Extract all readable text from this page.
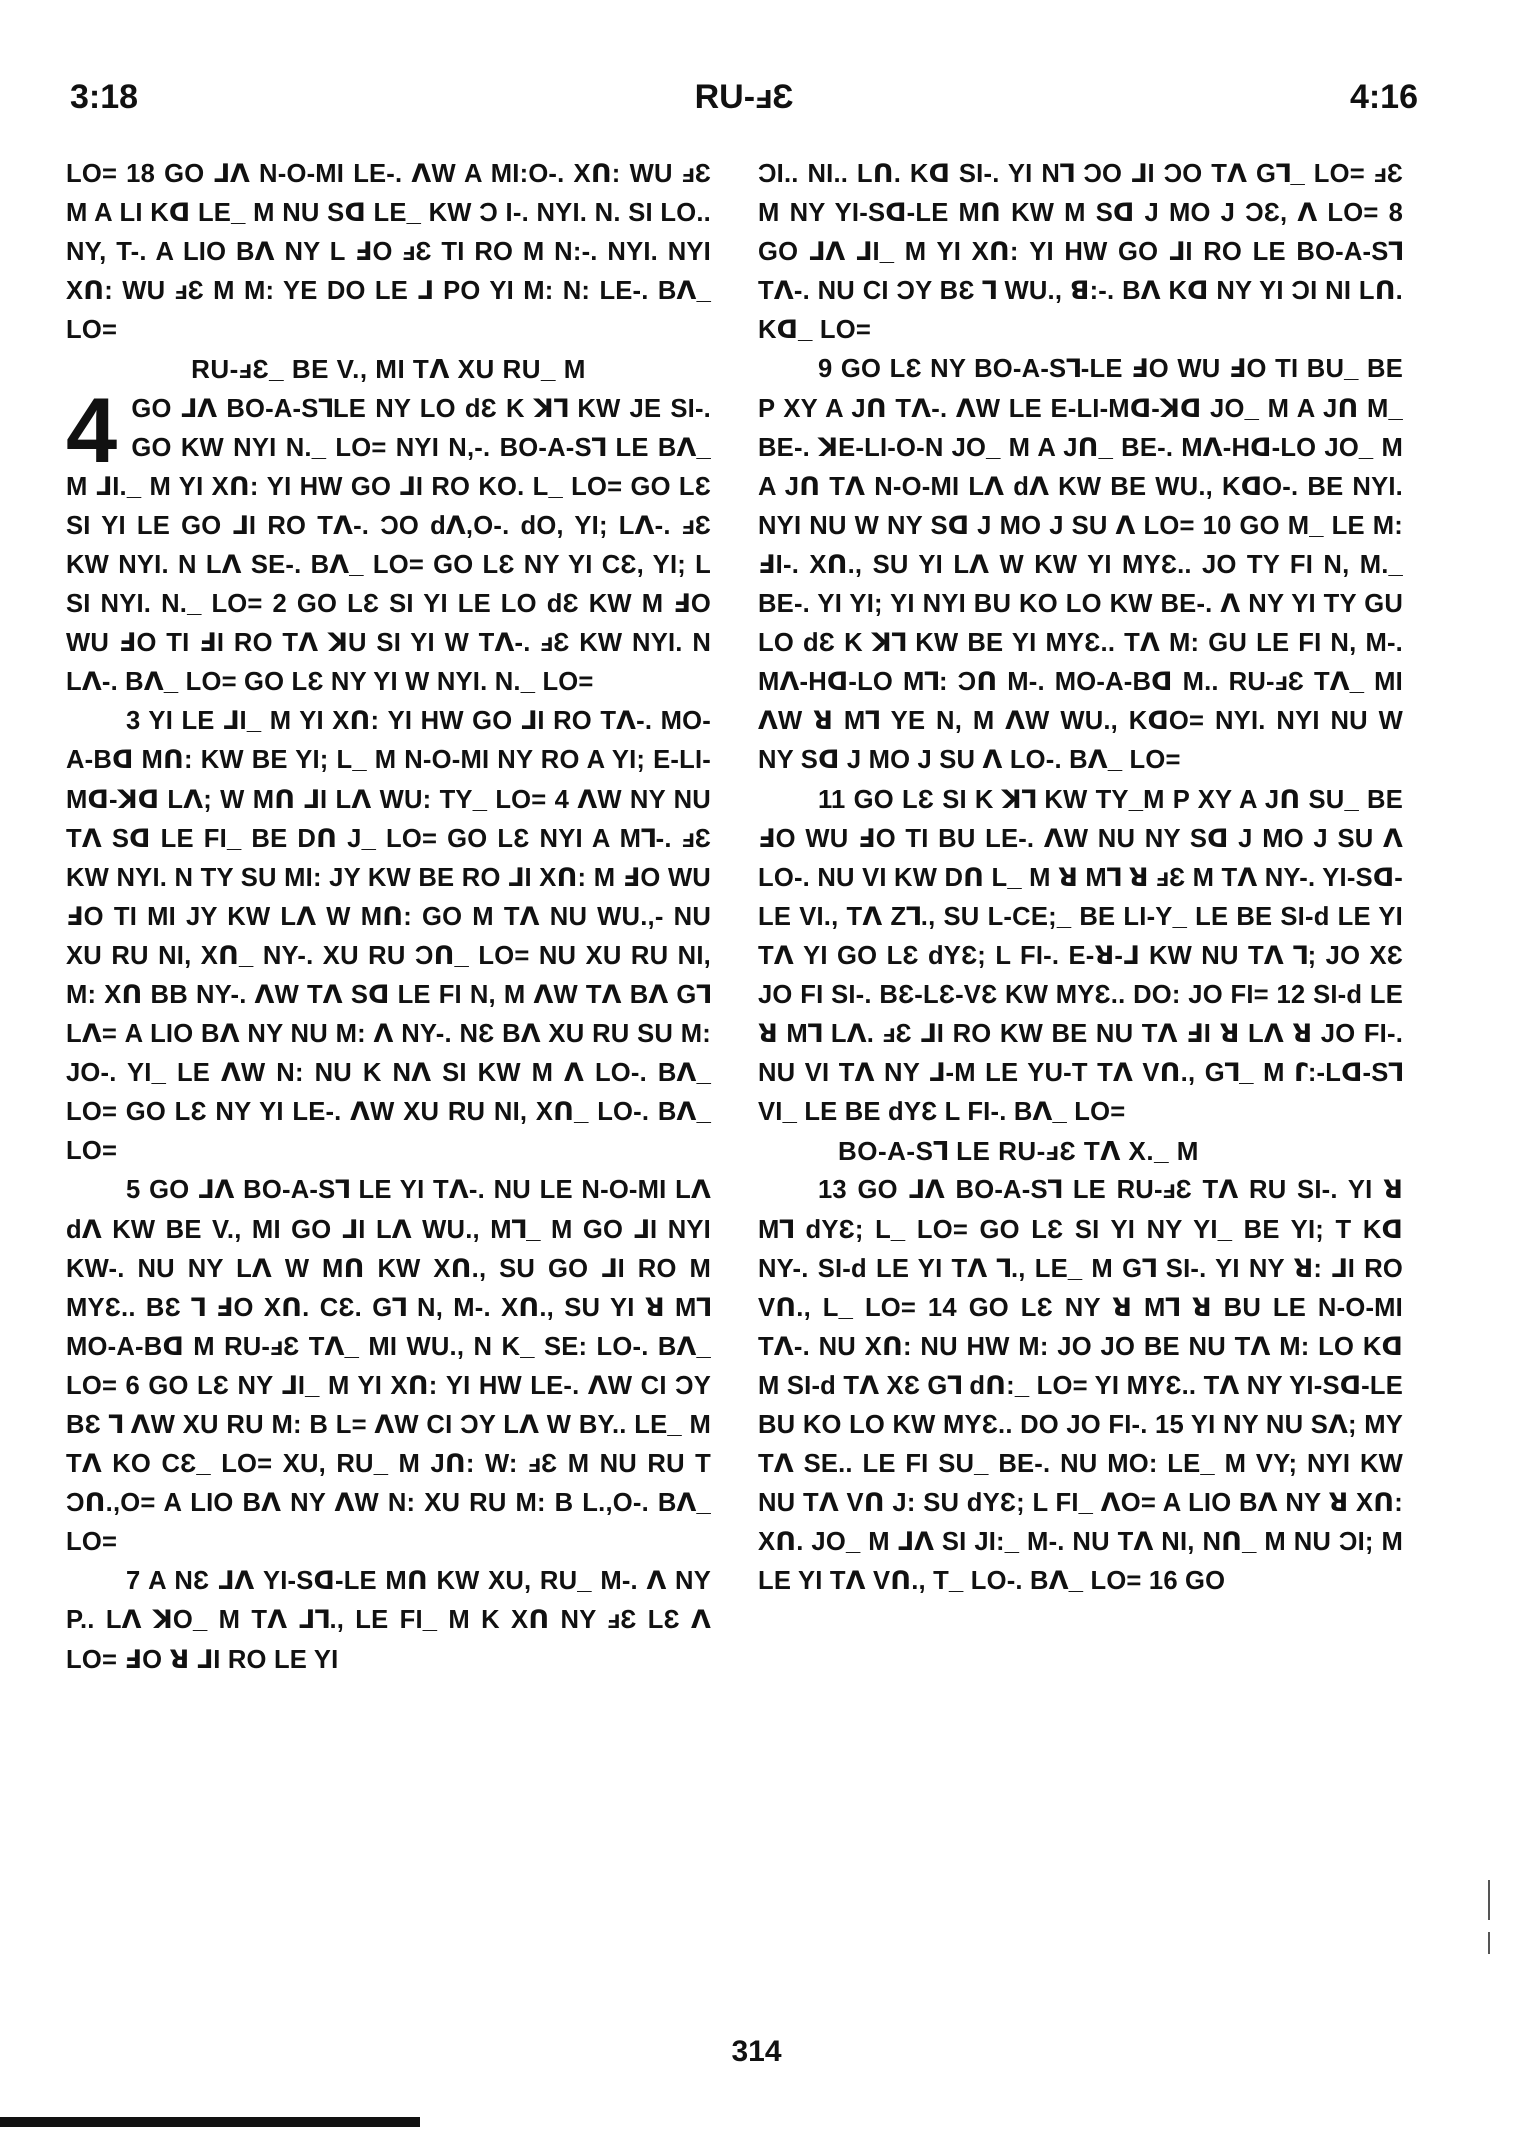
3:18	RU-ⅎƐ	4:16

LO= 18 GO ⅃ꓥ N-O-MI LE-. ꓥW A MI:O-. Xꓵ: WU ⅎƐ M A LI Kꓷ LE_ M NU Sꓷ LE_ KW Ɔ I-. NYI. N. SI LO.. NY, T-. A LIO Bꓥ NY L ℲO ⅎƐ TI RO M N:-. NYI. NYI Xꓵ: WU ⅎƐ M M: YE DO LE ⅃ PO YI M: N: LE-. Bꓥ_ LO=

RU-ⅎƐ_ BE V., MI Tꓥ XU RU_ M

4 GO ⅃ꓥ BO-A-SꓶLE NY LO ԁƐ K ꓘꓶ KW JE SI-. GO KW NYI N._ LO= NYI N,-. BO-A-Sꓶ LE Bꓥ_ M ⅃I._ M YI Xꓵ: YI HW GO ⅃I RO KO. L_ LO= GO LƐ SI YI LE GO ⅃I RO Tꓥ-. ƆO ԁꓥ,O-. ԁO, YI; Lꓥ-. ⅎƐ KW NYI. N Lꓥ SE-. Bꓥ_ LO= GO LƐ NY YI CƐ, YI; L SI NYI. N._ LO= 2 GO LƐ SI YI LE LO ԁƐ KW M ℲO WU ℲO TI ℲI RO Tꓥ ꓘU SI YI W Tꓥ-. ⅎƐ KW NYI. N Lꓥ-. Bꓥ_ LO= GO LƐ NY YI W NYI. N._ LO=

3 YI LE ⅃I_ M YI Xꓵ: YI HW GO ⅃I RO Tꓥ-. MO-A-Bꓷ Mꓵ: KW BE YI; L_ M N-O-MI NY RO A YI; E-LI-Mꓷ-ꓘꓷ Lꓥ; W Mꓵ ⅃I Lꓥ WU: TY_ LO= 4 ꓥW NY NU Tꓥ Sꓷ LE FI_ BE Dꓵ J_ LO= GO LƐ NYI A Mꓶ-. ⅎƐ KW NYI. N TY SU MI: JY KW BE RO ⅃I Xꓵ: M ℲO WU ℲO TI MI JY KW Lꓥ W Mꓵ: GO M Tꓥ NU WU.,- NU XU RU NI, Xꓵ_ NY-. XU RU Ɔꓵ_ LO= NU XU RU NI, M: Xꓵ BB NY-. ꓥW Tꓥ Sꓷ LE FI N, M ꓥW Tꓥ Bꓥ Gꓶ Lꓥ= A LIO Bꓥ NY NU M: ꓥ NY-. NƐ Bꓥ XU RU SU M: JO-. YI_ LE ꓥW N: NU K Nꓥ SI KW M ꓥ LO-. Bꓥ_ LO= GO LƐ NY YI LE-. ꓥW XU RU NI, Xꓵ_ LO-. Bꓥ_ LO=

5 GO ⅃ꓥ BO-A-Sꓶ LE YI Tꓥ-. NU LE N-O-MI Lꓥ ԁꓥ KW BE V., MI GO ⅃I Lꓥ WU., Mꓶ_ M GO ⅃I NYI KW-. NU NY Lꓥ W Mꓵ KW Xꓵ., SU GO ⅃I RO M MYƐ.. BƐ ꓶ ℲO Xꓵ. CƐ. Gꓶ N, M-. Xꓵ., SU YI ꓤ Mꓶ MO-A-Bꓷ M RU-ⅎƐ Tꓥ_ MI WU., N K_ SE: LO-. Bꓥ_ LO= 6 GO LƐ NY ⅃I_ M YI Xꓵ: YI HW LE-. ꓥW CI ƆY BƐ ꓶ ꓥW XU RU M: B L= ꓥW CI ƆY Lꓥ W BY.. LE_ M Tꓥ KO CƐ_ LO= XU, RU_ M Jꓵ: W: ⅎƐ M NU RU T Ɔꓵ.,O= A LIO Bꓥ NY ꓥW N: XU RU M: B L.,O-. Bꓥ_ LO=

7 A NƐ ⅃ꓥ YI-Sꓷ-LE Mꓵ KW XU, RU_ M-. ꓥ NY P.. Lꓥ ꓘO_ M Tꓥ ⅃ꓶ., LE FI_ M K Xꓵ NY ⅎƐ LƐ ꓥ LO= ℲO ꓤ ⅃I RO LE YI

ƆI.. NI.. Lꓵ. Kꓷ SI-. YI Nꓶ ƆO ⅃I ƆO Tꓥ Gꓶ_ LO= ⅎƐ M NY YI-Sꓷ-LE Mꓵ KW M Sꓷ J MO J ƆƐ, ꓥ LO= 8 GO ⅃ꓥ ⅃I_ M YI Xꓵ: YI HW GO ⅃I RO LE BO-A-Sꓶ Tꓥ-. NU CI ƆY BƐ ꓶ WU., ꓭ:-. Bꓥ Kꓷ NY YI ƆI NI Lꓵ. Kꓷ_ LO=

9 GO LƐ NY BO-A-Sꓶ-LE ℲO WU ℲO TI BU_ BE P XY A Jꓵ Tꓥ-. ꓥW LE E-LI-Mꓷ-ꓘꓷ JO_ M A Jꓵ M_ BE-. ꓘE-LI-O-N JO_ M A Jꓵ_ BE-. Mꓥ-Hꓷ-LO JO_ M A Jꓵ Tꓥ N-O-MI Lꓥ ԁꓥ KW BE WU., KꓷO-. BE NYI. NYI NU W NY Sꓷ J MO J SU ꓥ LO= 10 GO M_ LE M: ℲI-. Xꓵ., SU YI Lꓥ W KW YI MYƐ.. JO TY FI N, M._ BE-. YI YI; YI NYI BU KO LO KW BE-. ꓥ NY YI TY GU LO ԁƐ K ꓘꓶ KW BE YI MYƐ.. Tꓥ M: GU LE FI N, M-. Mꓥ-Hꓷ-LO Mꓶ: Ɔꓵ M-. MO-A-Bꓷ M.. RU-ⅎƐ Tꓥ_ MI ꓥW ꓤ Mꓶ YE N, M ꓥW WU., KꓷO= NYI. NYI NU W NY Sꓷ J MO J SU ꓥ LO-. Bꓥ_ LO=

11 GO LƐ SI K ꓘꓶ KW TY_M P XY A Jꓵ SU_ BE ℲO WU ℲO TI BU LE-. ꓥW NU NY Sꓷ J MO J SU ꓥ LO-. NU VI KW Dꓵ L_ M ꓤ Mꓶ ꓤ ⅎƐ M Tꓥ NY-. YI-Sꓷ-LE VI., Tꓥ Zꓶ., SU L-CE;_ BE LI-Y_ LE BE SI-ԁ LE YI Tꓥ YI GO LƐ ԁYƐ; L FI-. E-ꓤ-⅃ KW NU Tꓥ ꓶ; JO XƐ JO FI SI-. BƐ-LƐ-VƐ KW MYƐ.. DO: JO FI= 12 SI-ԁ LE ꓤ Mꓶ Lꓥ. ⅎƐ ⅃I RO KW BE NU Tꓥ ℲI ꓤ Lꓥ ꓤ JO FI-. NU VI Tꓥ NY ⅃-M LE YU-T Tꓥ Vꓵ., Gꓶ_ M ꓩ:-Lꓷ-Sꓶ VI_ LE BE ԁYƐ L FI-. Bꓥ_ LO=

BO-A-Sꓶ LE RU-ⅎƐ Tꓥ X._ M

13 GO ⅃ꓥ BO-A-Sꓶ LE RU-ⅎƐ Tꓥ RU SI-. YI ꓤ Mꓶ ԁYƐ; L_ LO= GO LƐ SI YI NY YI_ BE YI; T Kꓷ NY-. SI-ԁ LE YI Tꓥ ꓶ., LE_ M Gꓶ SI-. YI NY ꓤ: ⅃I RO Vꓵ., L_ LO= 14 GO LƐ NY ꓤ Mꓶ ꓤ BU LE N-O-MI Tꓥ-. NU Xꓵ: NU HW M: JO JO BE NU Tꓥ M: LO Kꓷ M SI-ԁ Tꓥ XƐ Gꓶ ԁꓵ:_ LO= YI MYƐ.. Tꓥ NY YI-Sꓷ-LE BU KO LO KW MYƐ.. DO JO FI-. 15 YI NY NU Sꓥ; MY Tꓥ SE.. LE FI SU_ BE-. NU MO: LE_ M VY; NYI KW NU Tꓥ Vꓵ J: SU ԁYƐ; L FI_ ꓥO= A LIO Bꓥ NY ꓤ Xꓵ: Xꓵ. JO_ M ⅃ꓥ SI JI:_ M-. NU Tꓥ NI, Nꓵ_ M NU ƆI; M LE YI Tꓥ Vꓵ., T_ LO-. Bꓥ_ LO= 16 GO

314
